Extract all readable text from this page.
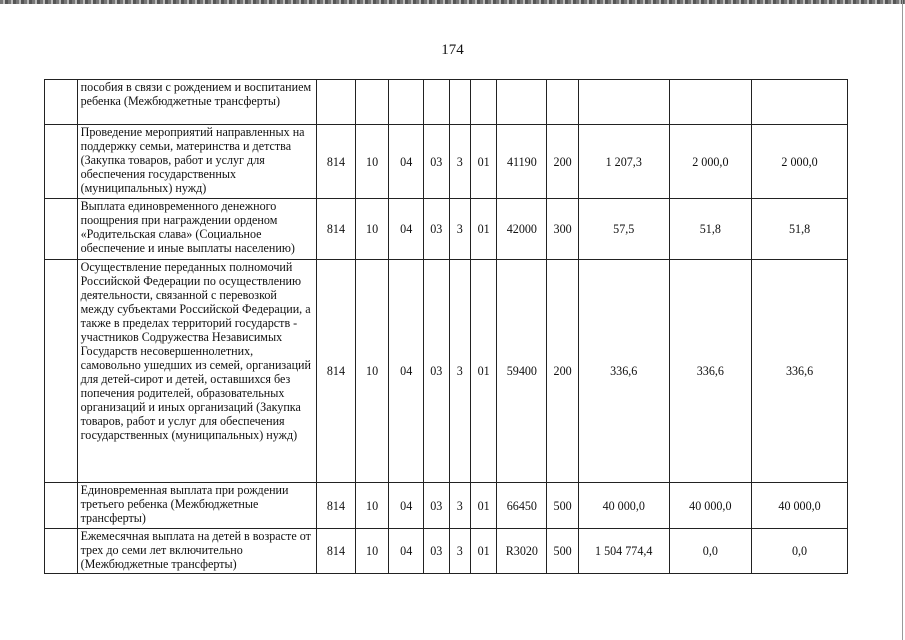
174
	пособия в связи с рождением и воспитанием ребенка (Межбюджетные трансферты)											
	Проведение мероприятий направленных на поддержку семьи, материнства и детства (Закупка товаров, работ и услуг для обеспечения государственных (муниципальных) нужд)	814	10	04	03	3	01	41190	200	1 207,3	2 000,0	2 000,0
	Выплата единовременного денежного поощрения при награждении орденом «Родительская слава» (Социальное обеспечение и иные выплаты населению)	814	10	04	03	3	01	42000	300	57,5	51,8	51,8
	Осуществление переданных полномочий Российской Федерации по осуществлению деятельности, связанной с перевозкой между субъектами Российской Федерации, а также в пределах территорий государств - участников Содружества Независимых Государств несовершеннолетних, самовольно ушедших из семей, организаций для детей-сирот и детей, оставшихся без попечения родителей, образовательных организаций и иных организаций (Закупка товаров, работ и услуг для обеспечения государственных (муниципальных) нужд)	814	10	04	03	3	01	59400	200	336,6	336,6	336,6
	Единовременная выплата при рождении третьего ребенка (Межбюджетные трансферты)	814	10	04	03	3	01	66450	500	40 000,0	40 000,0	40 000,0
	Ежемесячная выплата на детей в возрасте от трех до семи лет включительно (Межбюджетные трансферты)	814	10	04	03	3	01	R3020	500	1 504 774,4	0,0	0,0
